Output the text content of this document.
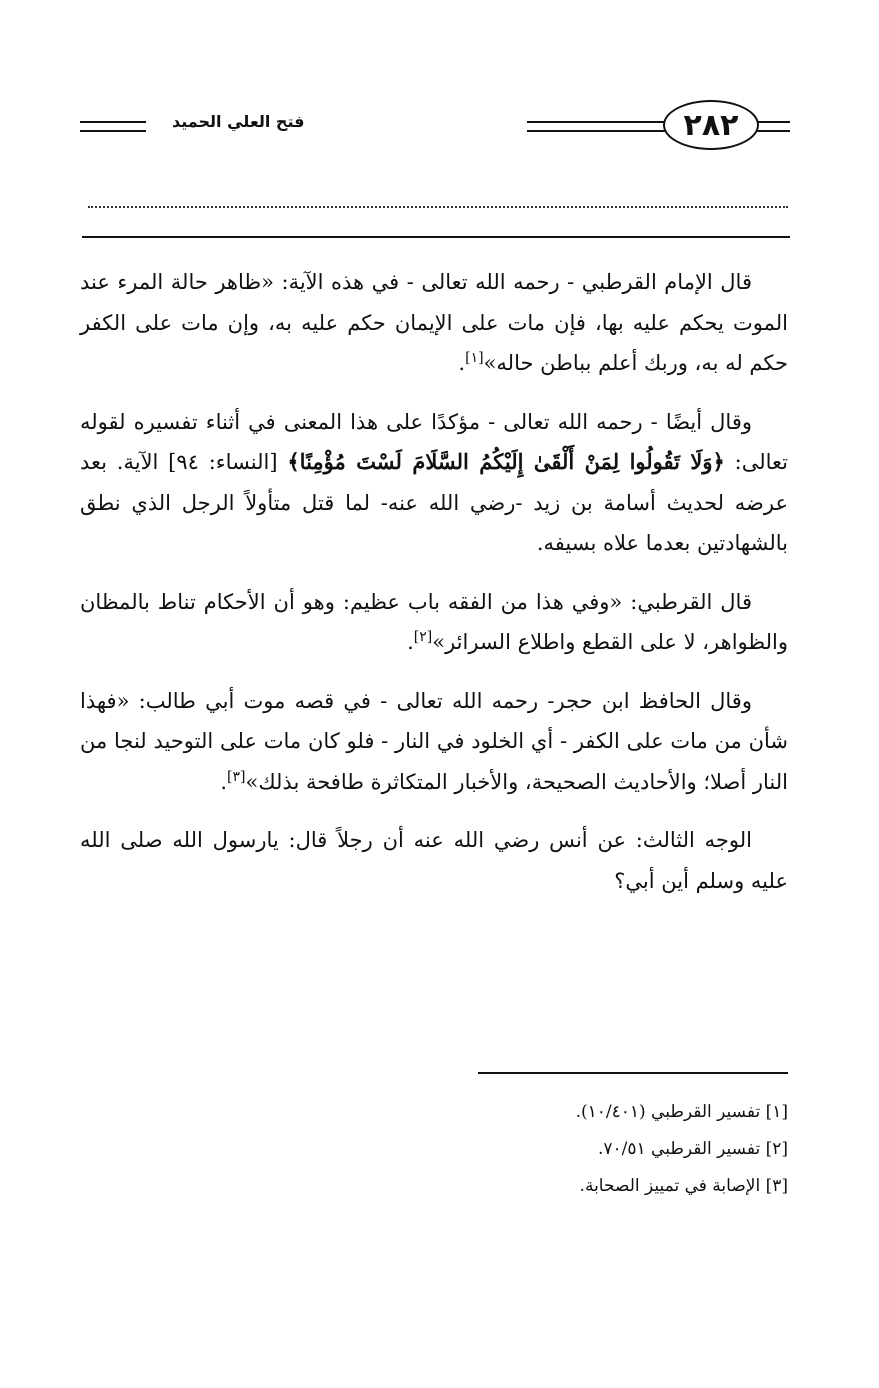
فتح العلي الحميد	٢٨٢

قال الإمام القرطبي - رحمه الله تعالى - في هذه الآية: «ظاهر حالة المرء عند الموت يحكم عليه بها، فإن مات على الإيمان حكم عليه به، وإن مات على الكفر حكم له به، وربك أعلم بباطن حاله»[١].

وقال أيضًا - رحمه الله تعالى - مؤكدًا على هذا المعنى في أثناء تفسيره لقوله تعالى: ﴿وَلَا تَقُولُوا لِمَنْ أَلْقَىٰ إِلَيْكُمُ السَّلَامَ لَسْتَ مُؤْمِنًا﴾ [النساء: ٩٤] الآية. بعد عرضه لحديث أسامة بن زيد -رضي الله عنه- لما قتل متأولاً الرجل الذي نطق بالشهادتين بعدما علاه بسيفه.

قال القرطبي: «وفي هذا من الفقه باب عظيم: وهو أن الأحكام تناط بالمظان والظواهر، لا على القطع واطلاع السرائر»[٢].

وقال الحافظ ابن حجر- رحمه الله تعالى - في قصه موت أبي طالب: «فهذا شأن من مات على الكفر - أي الخلود في النار - فلو كان مات على التوحيد لنجا من النار أصلا؛ والأحاديث الصحيحة، والأخبار المتكاثرة طافحة بذلك»[٣].

الوجه الثالث: عن أنس رضي الله عنه أن رجلاً قال: يارسول الله صلى الله عليه وسلم أين أبي؟

[١] تفسير القرطبي (١٠/٤٠١).

[٢] تفسير القرطبي ٧٠/٥١.

[٣] الإصابة في تمييز الصحابة.
